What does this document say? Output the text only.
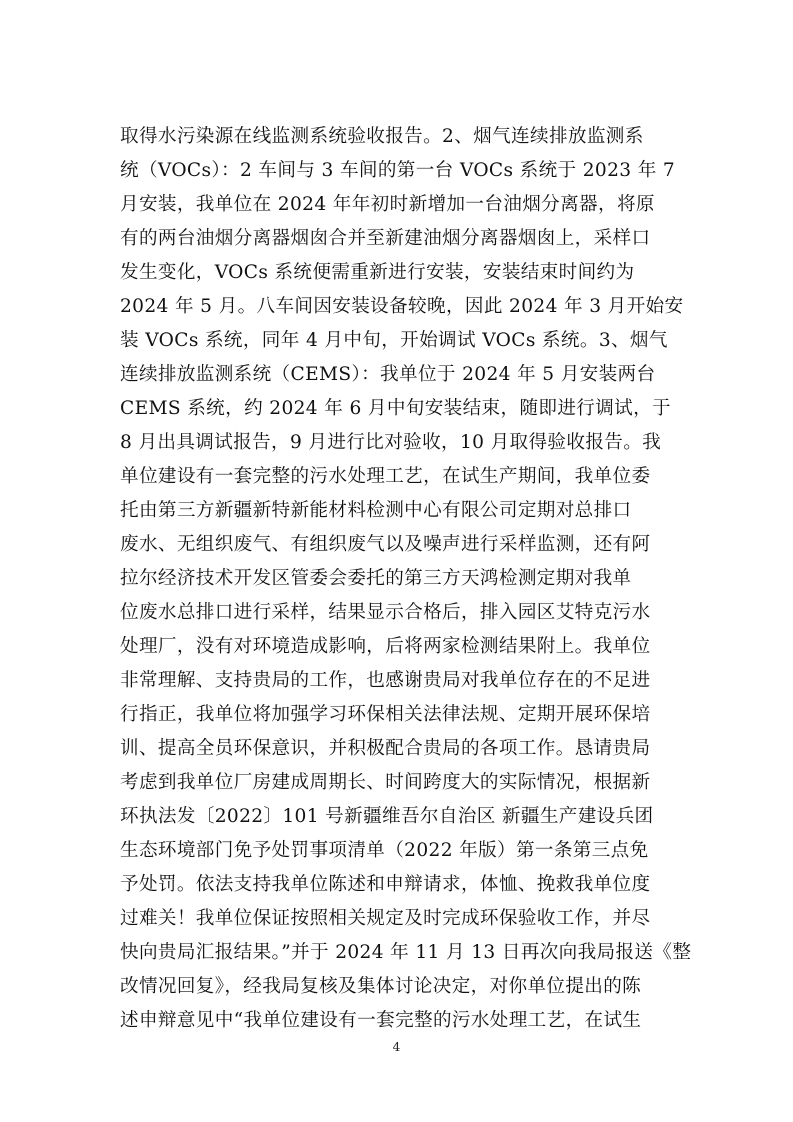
取得水污染源在线监测系统验收报告。2、烟气连续排放监测系
统（VOCs）：2 车间与 3 车间的第一台 VOCs 系统于 2023 年 7
月安装，我单位在 2024 年年初时新增加一台油烟分离器，将原
有的两台油烟分离器烟囱合并至新建油烟分离器烟囱上，采样口
发生变化，VOCs 系统便需重新进行安装，安装结束时间约为
2024 年 5 月。八车间因安装设备较晚，因此 2024 年 3 月开始安
装 VOCs 系统，同年 4 月中旬，开始调试 VOCs 系统。3、烟气
连续排放监测系统（CEMS）：我单位于 2024 年 5 月安装两台
CEMS 系统，约 2024 年 6 月中旬安装结束，随即进行调试，于
8 月出具调试报告，9 月进行比对验收，10 月取得验收报告。我
单位建设有一套完整的污水处理工艺，在试生产期间，我单位委
托由第三方新疆新特新能材料检测中心有限公司定期对总排口
废水、无组织废气、有组织废气以及噪声进行采样监测，还有阿
拉尔经济技术开发区管委会委托的第三方天鸿检测定期对我单
位废水总排口进行采样，结果显示合格后，排入园区艾特克污水
处理厂，没有对环境造成影响，后将两家检测结果附上。我单位
非常理解、支持贵局的工作，也感谢贵局对我单位存在的不足进
行指正，我单位将加强学习环保相关法律法规、定期开展环保培
训、提高全员环保意识，并积极配合贵局的各项工作。恳请贵局
考虑到我单位厂房建成周期长、时间跨度大的实际情况，根据新
环执法发〔2022〕101 号新疆维吾尔自治区 新疆生产建设兵团
生态环境部门免予处罚事项清单（2022 年版）第一条第三点免
予处罚。依法支持我单位陈述和申辩请求，体恤、挽救我单位度
过难关！我单位保证按照相关规定及时完成环保验收工作，并尽
快向贵局汇报结果。”并于 2024 年 11 月 13 日再次向我局报送《整
改情况回复》，经我局复核及集体讨论决定，对你单位提出的陈
述申辩意见中“我单位建设有一套完整的污水处理工艺，在试生
4
